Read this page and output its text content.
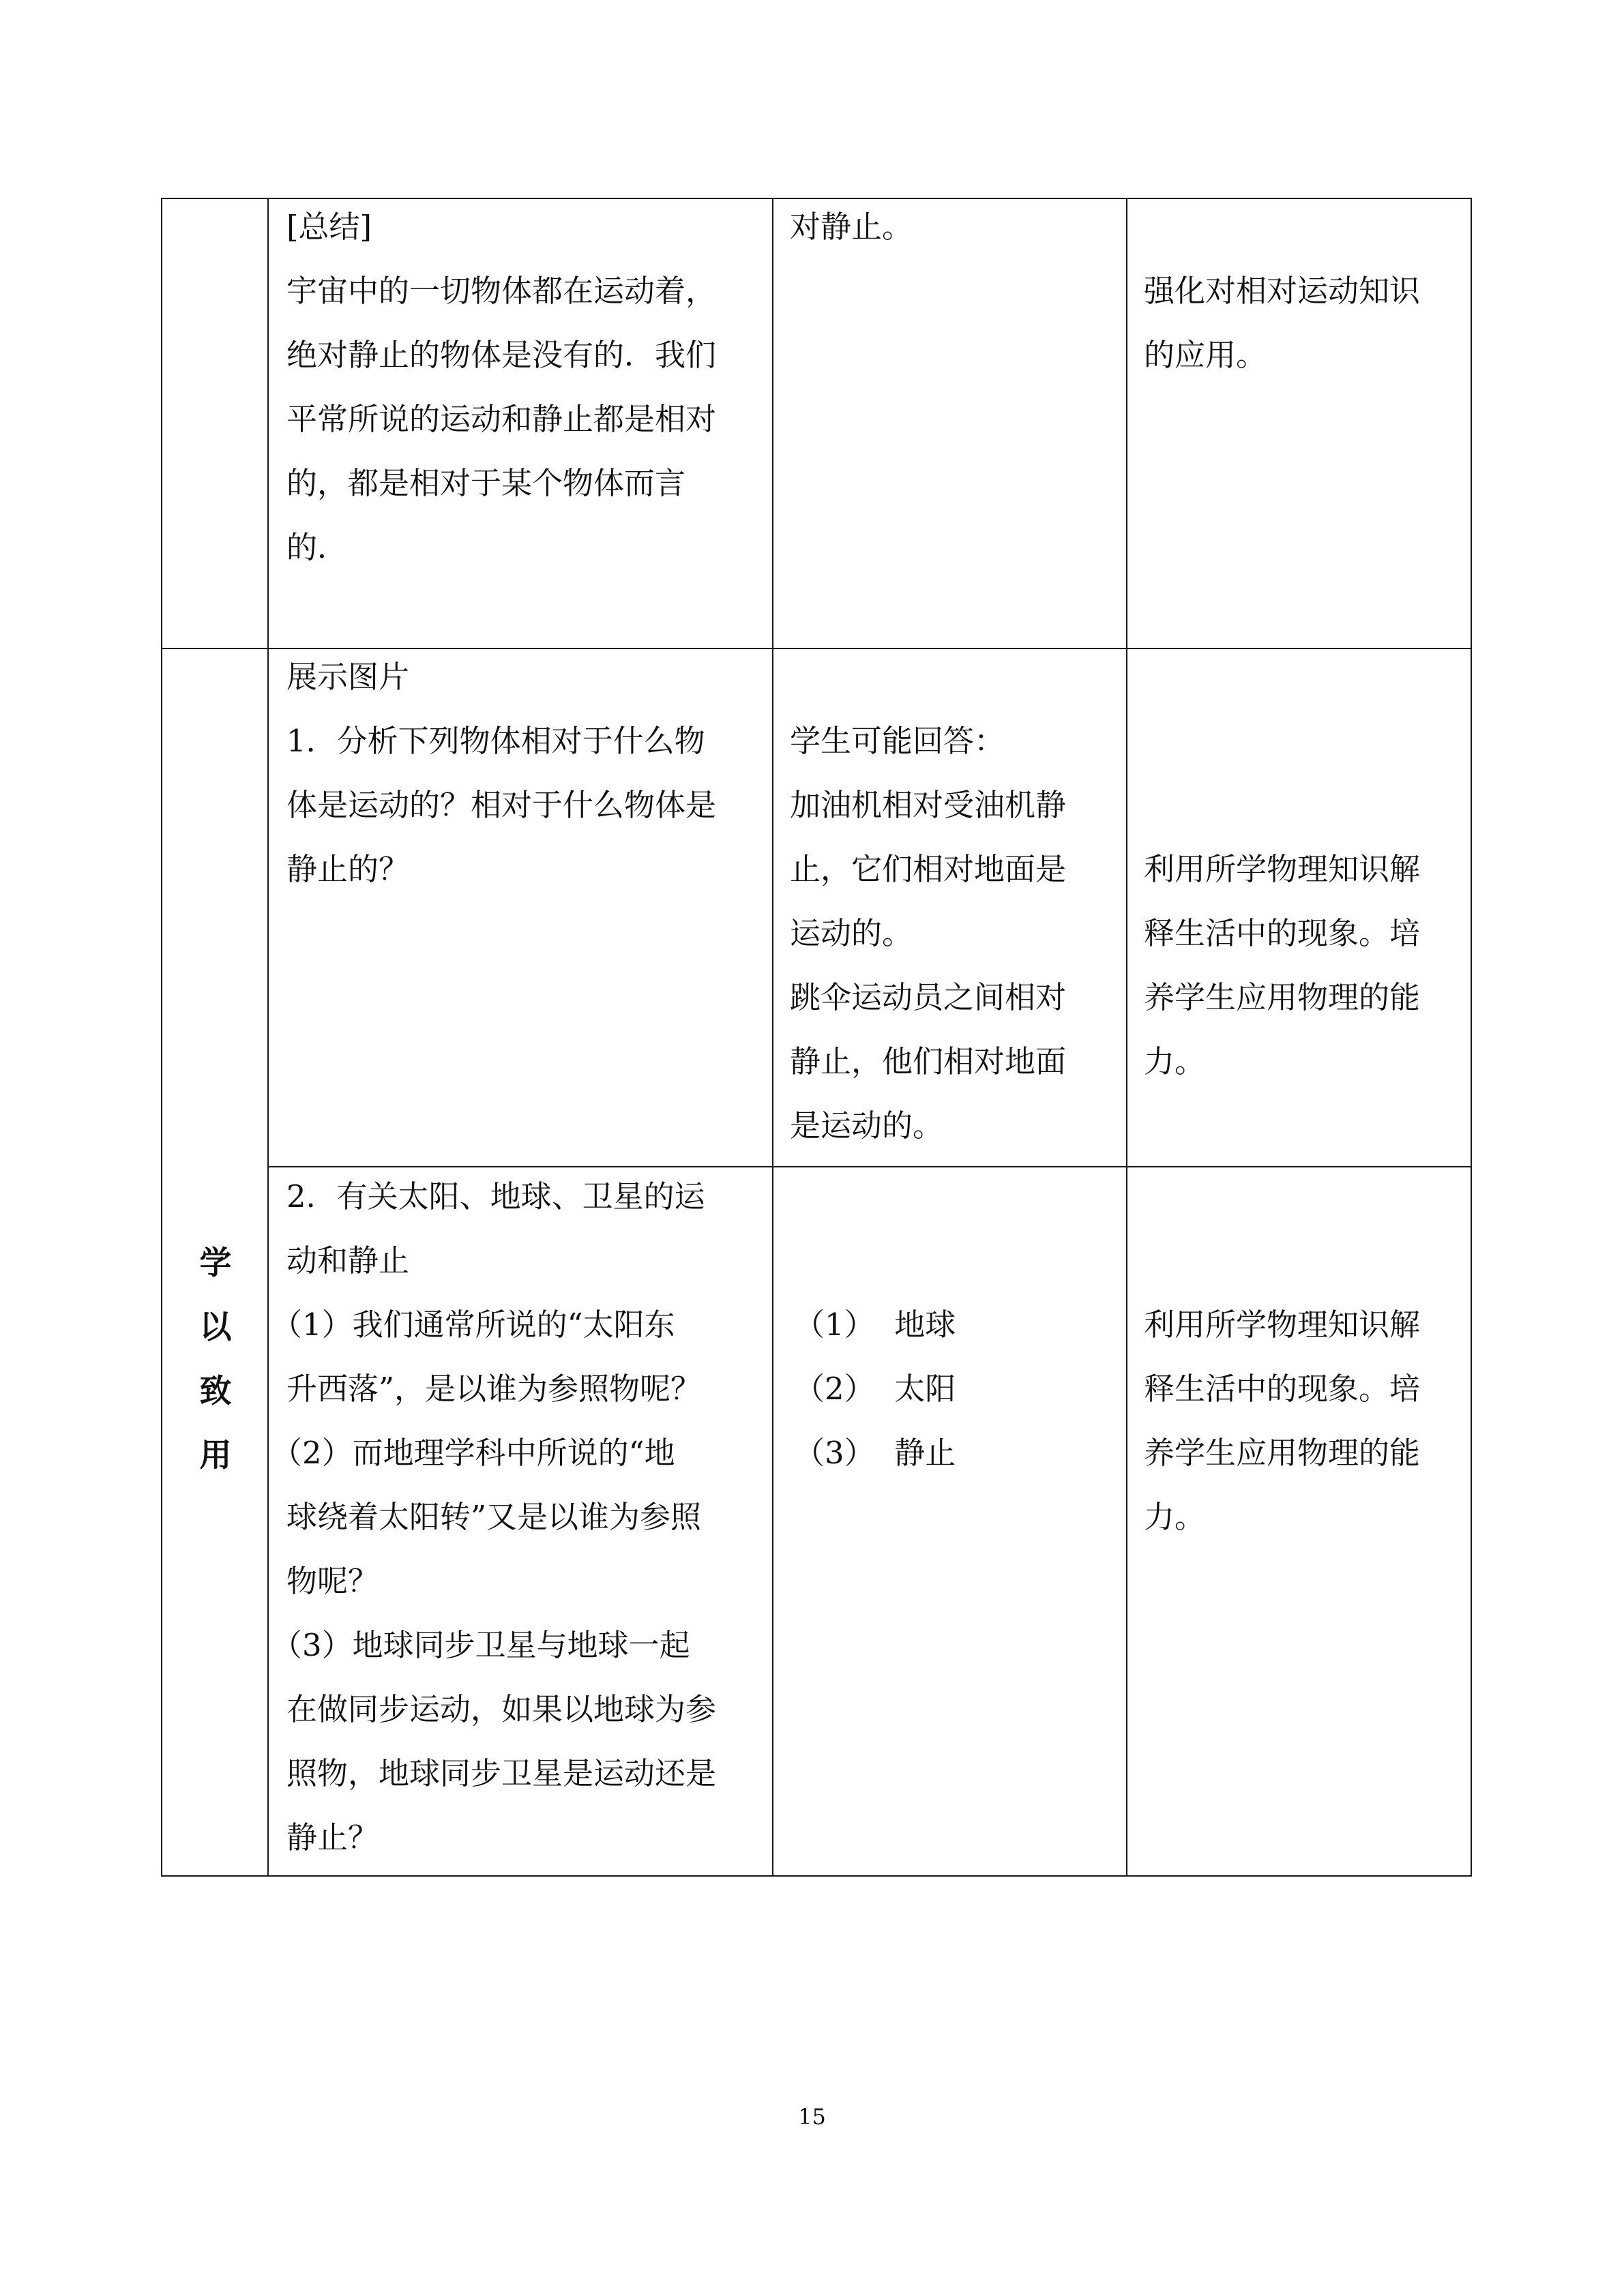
[总结]
宇宙中的一切物体都在运动着，
绝对静止的物体是没有的．我们
平常所说的运动和静止都是相对
的，都是相对于某个物体而言
的．
对静止。
强化对相对运动知识
的应用。
学
以
致
用
展示图片
1．分析下列物体相对于什么物
体是运动的？相对于什么物体是
静止的？
学生可能回答：
加油机相对受油机静
止，它们相对地面是
运动的。
跳伞运动员之间相对
静止，他们相对地面
是运动的。
利用所学物理知识解
释生活中的现象。培
养学生应用物理的能
力。
2．有关太阳、地球、卫星的运
动和静止
（1）我们通常所说的“太阳东
升西落”，是以谁为参照物呢？
（2）而地理学科中所说的“地
球绕着太阳转”又是以谁为参照
物呢？
（3）地球同步卫星与地球一起
在做同步运动，如果以地球为参
照物，地球同步卫星是运动还是
静止？
（1）  地球
（2）  太阳
（3）  静止
利用所学物理知识解
释生活中的现象。培
养学生应用物理的能
力。
15
